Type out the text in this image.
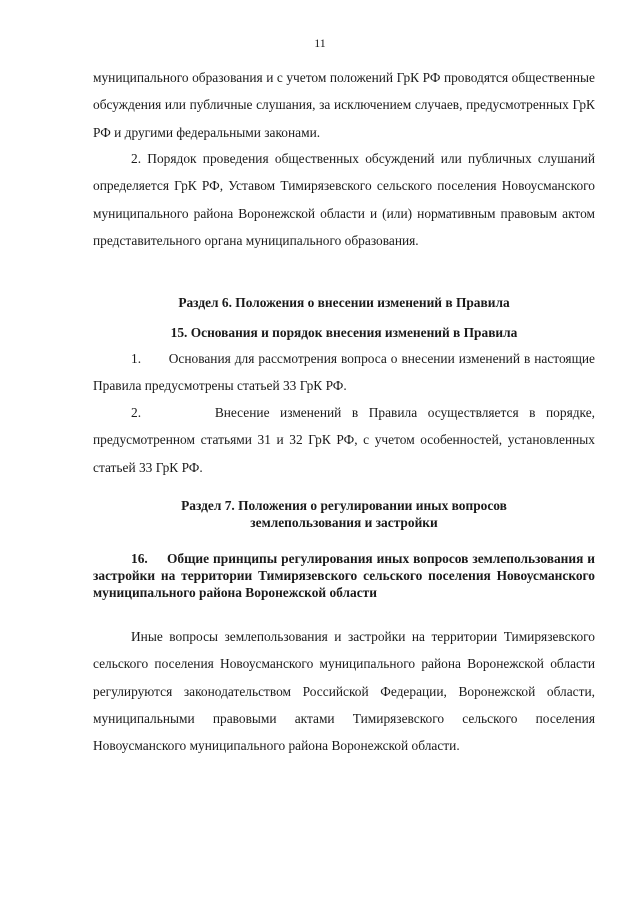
11

муниципального образования и с учетом положений ГрК РФ проводятся общественные обсуждения или публичные слушания, за исключением случаев, предусмотренных ГрК РФ и другими федеральными законами.

2. Порядок проведения общественных обсуждений или публичных слушаний определяется ГрК РФ, Уставом Тимирязевского сельского поселения Новоусманского муниципального района Воронежской области и (или) нормативным правовым актом представительного органа муниципального образования.

Раздел 6. Положения о внесении изменений в Правила
15. Основания и порядок внесения изменений в Правила

1. Основания для рассмотрения вопроса о внесении изменений в настоящие Правила предусмотрены статьей 33 ГрК РФ.

2.	Внесение изменений в Правила осуществляется в порядке, предусмотренном статьями 31 и 32 ГрК РФ, с учетом особенностей, установленных статьей 33 ГрК РФ.

Раздел 7. Положения о регулировании иных вопросов
землепользования и застройки
16. Общие принципы регулирования иных вопросов землепользования и застройки на территории Тимирязевского сельского поселения Новоусманского муниципального района Воронежской области

Иные вопросы землепользования и застройки на территории Тимирязевского сельского поселения Новоусманского муниципального района Воронежской области регулируются законодательством Российской Федерации, Воронежской области, муниципальными правовыми актами Тимирязевского сельского поселения Новоусманского муниципального района Воронежской области.
